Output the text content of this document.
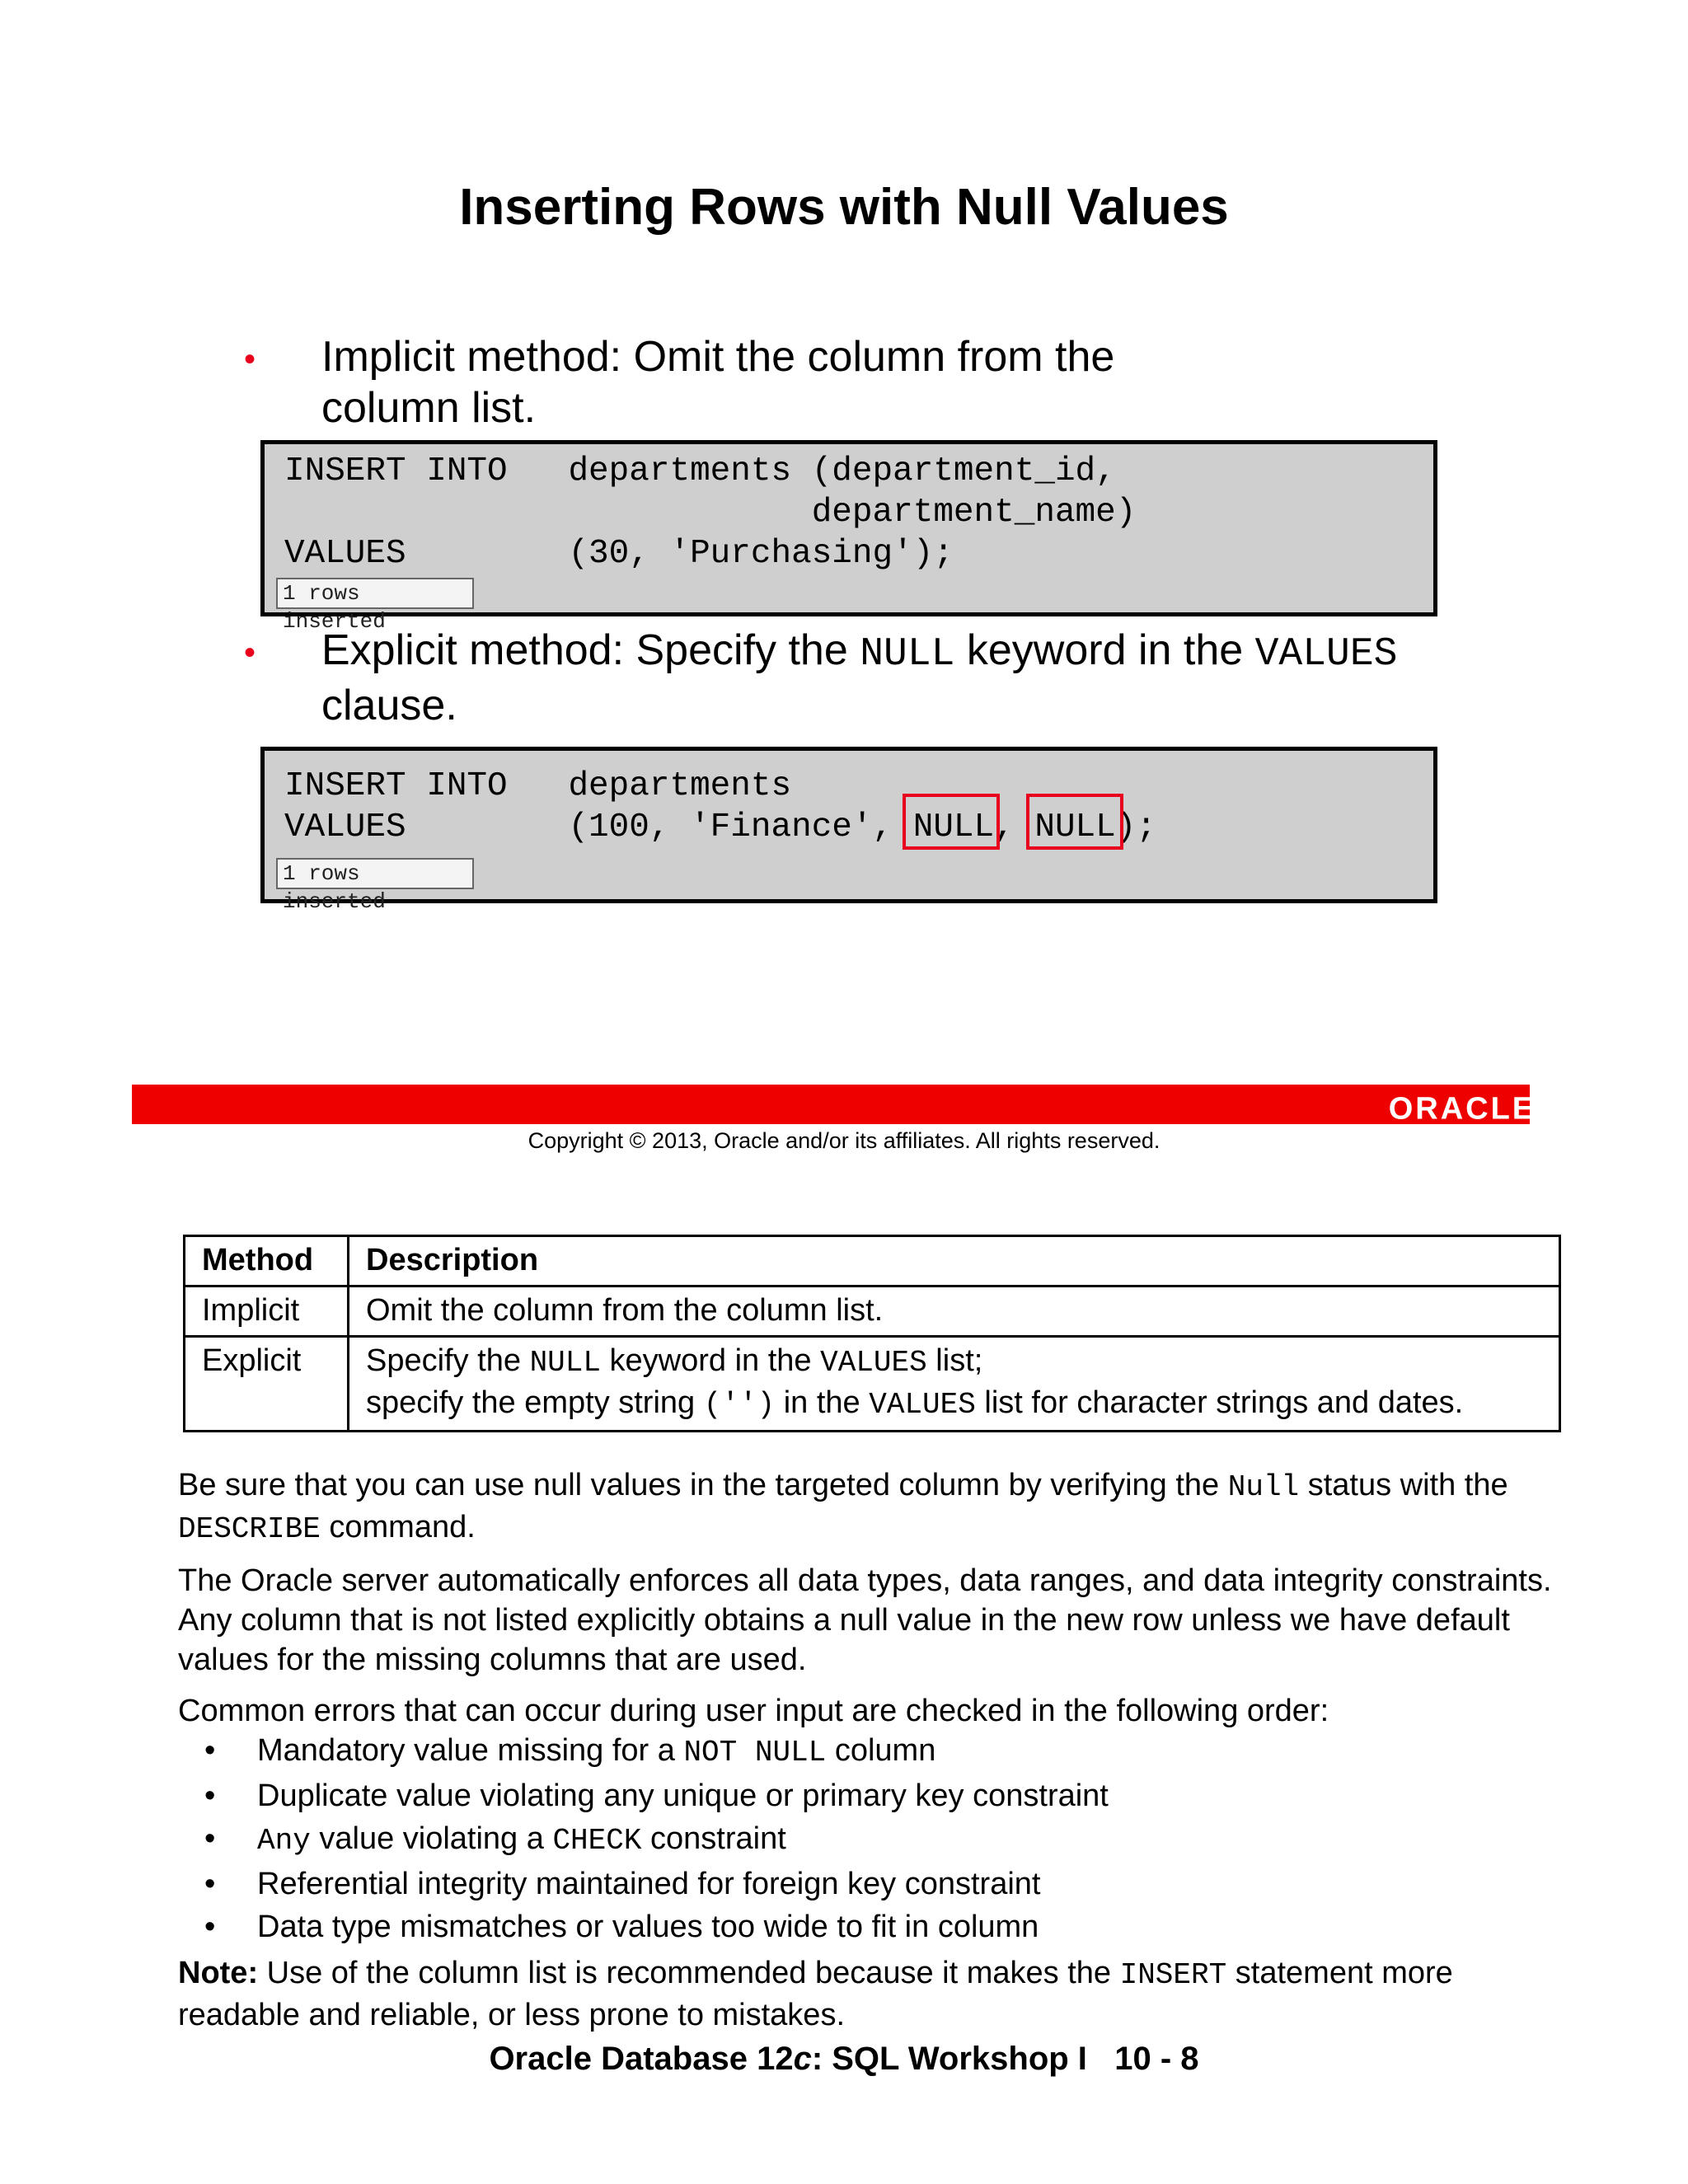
Inserting Rows with Null Values
• Implicit method: Omit the column from the column list.
INSERT INTO   departments (department_id,
department_name)
VALUES        (30, 'Purchasing');
1 rows inserted
• Explicit method: Specify the NULL keyword in the VALUES clause.
INSERT INTO   departments
VALUES        (100, 'Finance', NULL, NULL);
1 rows inserted
ORACLE®
Copyright © 2013, Oracle and/or its affiliates. All rights reserved.
Method	Description
Implicit	Omit the column from the column list.
Explicit	Specify the NULL keyword in the VALUES list;
specify the empty string ('') in the VALUES list for character strings and dates.

Be sure that you can use null values in the targeted column by verifying the Null status with the DESCRIBE command.

The Oracle server automatically enforces all data types, data ranges, and data integrity constraints. Any column that is not listed explicitly obtains a null value in the new row unless we have default values for the missing columns that are used.

Common errors that can occur during user input are checked in the following order:

• Mandatory value missing for a NOT NULL column
• Duplicate value violating any unique or primary key constraint
• Any value violating a CHECK constraint
• Referential integrity maintained for foreign key constraint
• Data type mismatches or values too wide to fit in column

Note: Use of the column list is recommended because it makes the INSERT statement more readable and reliable, or less prone to mistakes.

Oracle Database 12c: SQL Workshop I   10 - 8
